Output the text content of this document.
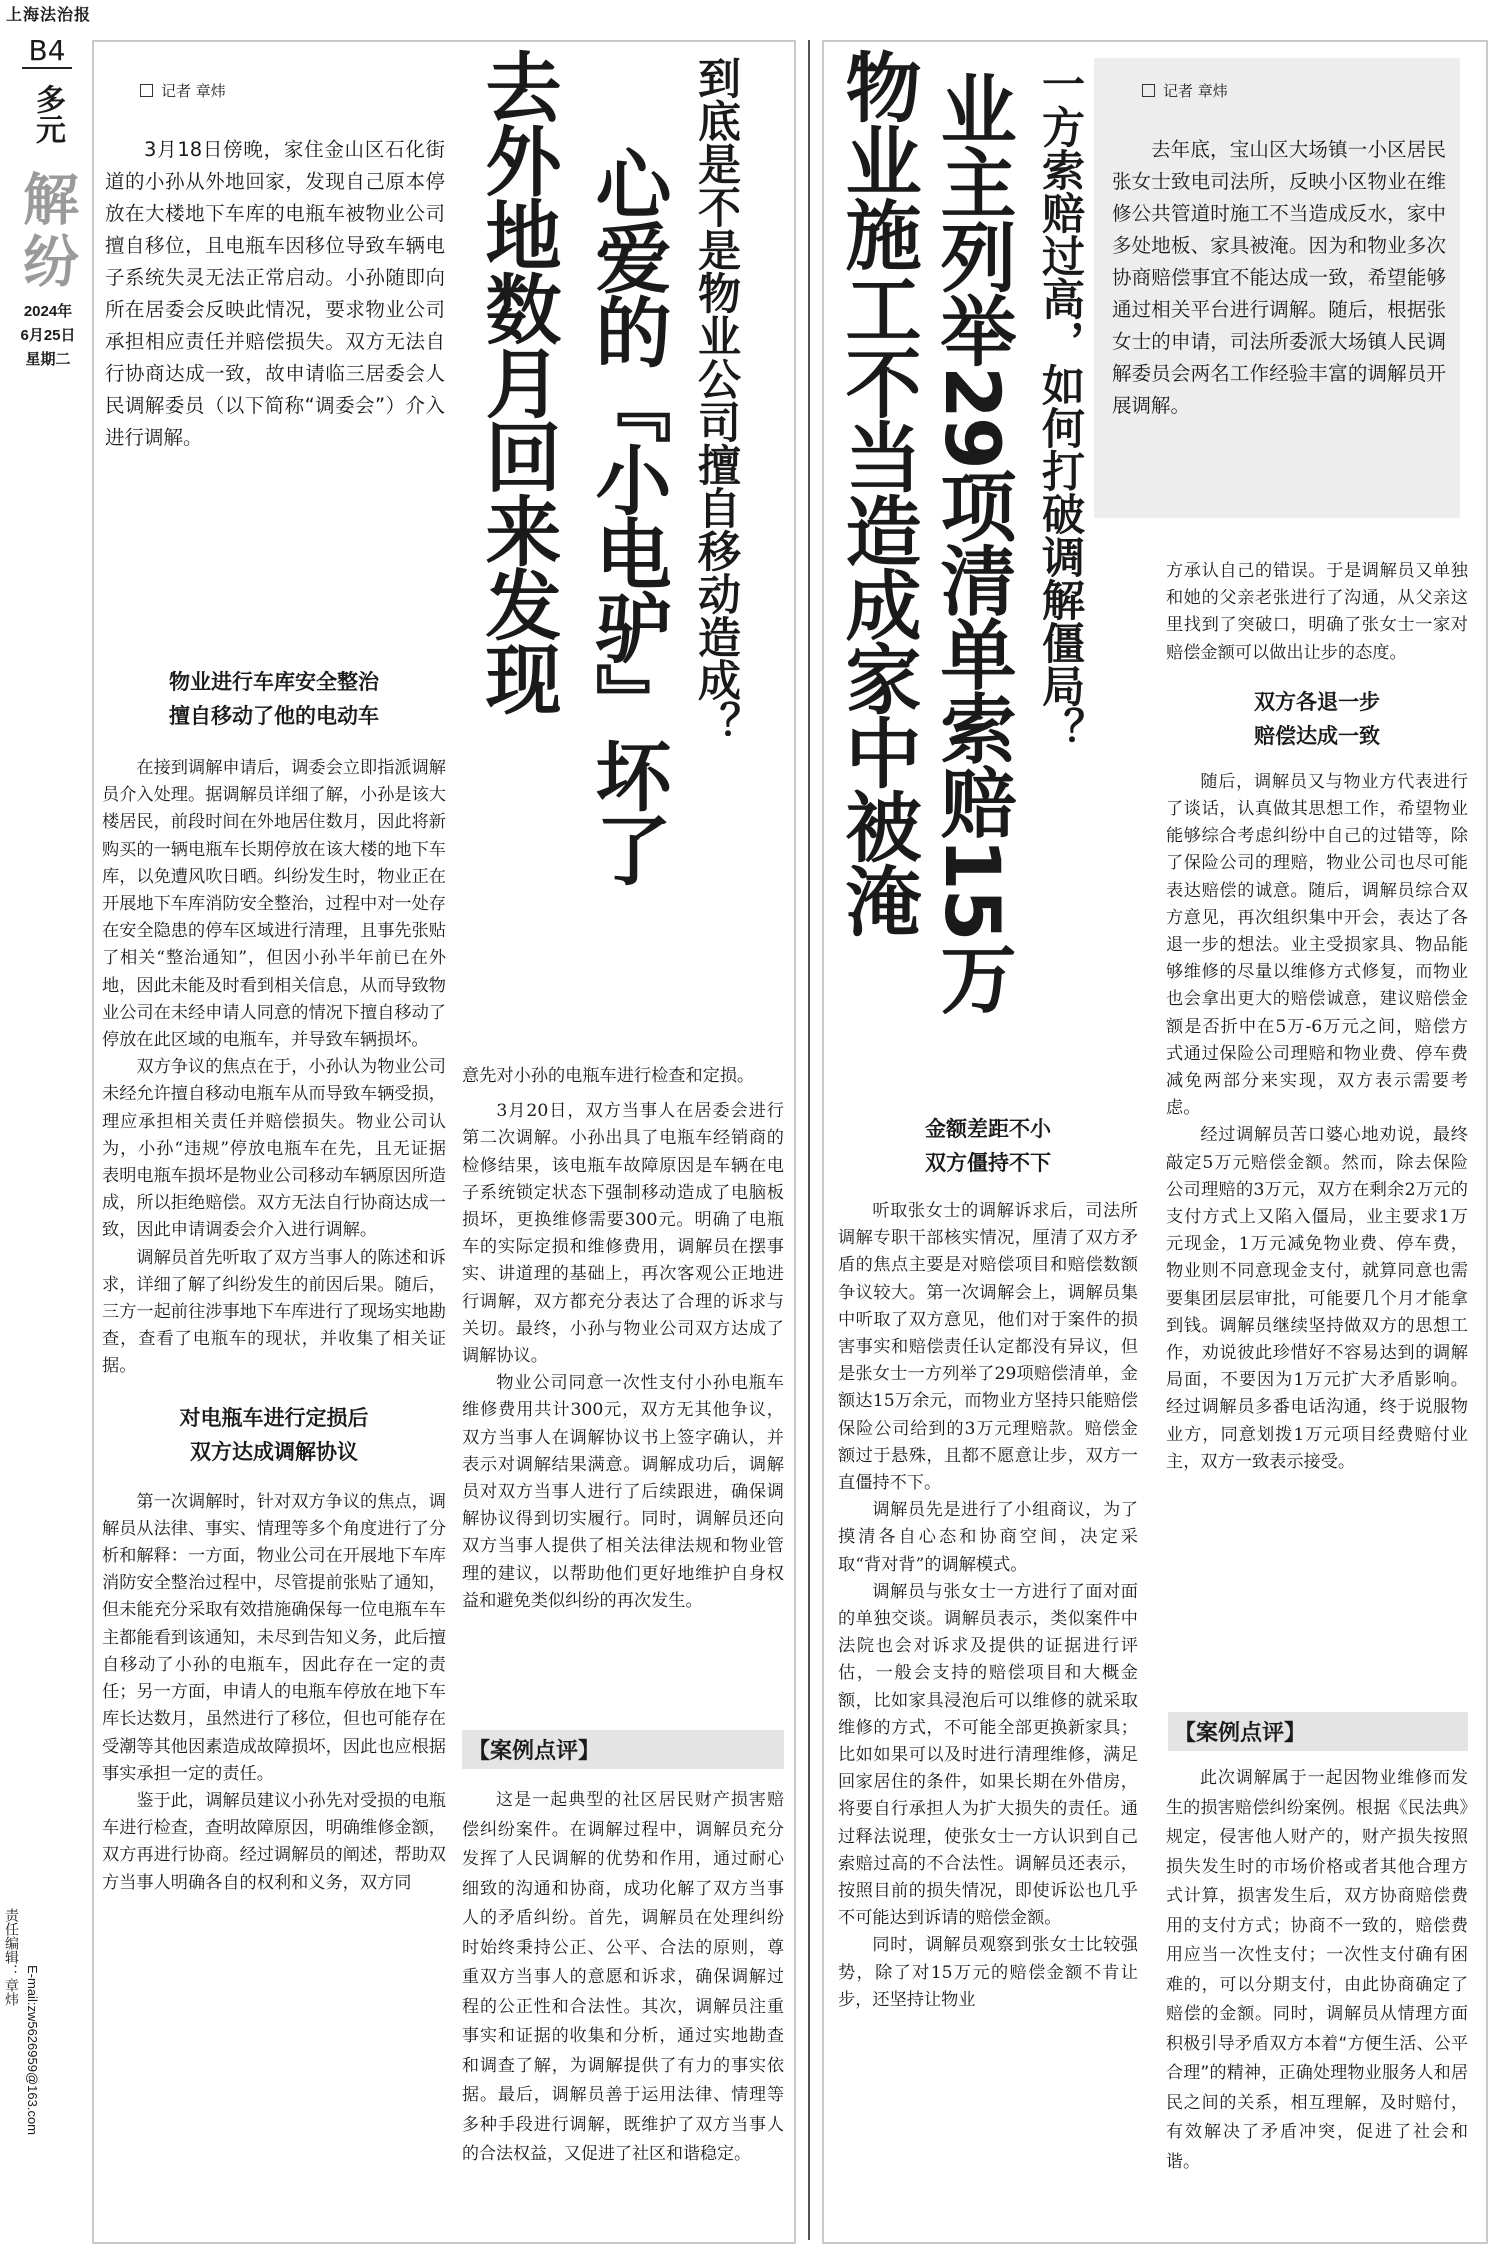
上海法治报
B4
多元
解纷
2024年
6月25日
星期二
责任编辑：章炜
E-mail:zw5626959@163.com
记者 章炜

3月18日傍晚，家住金山区石化街道的小孙从外地回家，发现自己原本停放在大楼地下车库的电瓶车被物业公司擅自移位，且电瓶车因移位导致车辆电子系统失灵无法正常启动。小孙随即向所在居委会反映此情况，要求物业公司承担相应责任并赔偿损失。双方无法自行协商达成一致，故申请临三居委会人民调解委员（以下简称“调委会”）介入进行调解。	到底是不是物业公司擅自移动造成？
心爱的『小电驴』坏了
去外地数月回来发现
物业进行车库安全整治
擅自移动了他的电动车

在接到调解申请后，调委会立即指派调解员介入处理。据调解员详细了解，小孙是该大楼居民，前段时间在外地居住数月，因此将新购买的一辆电瓶车长期停放在该大楼的地下车库，以免遭风吹日晒。纠纷发生时，物业正在开展地下车库消防安全整治，过程中对一处存在安全隐患的停车区域进行清理，且事先张贴了相关“整治通知”，但因小孙半年前已在外地，因此未能及时看到相关信息，从而导致物业公司在未经申请人同意的情况下擅自移动了停放在此区域的电瓶车，并导致车辆损坏。

双方争议的焦点在于，小孙认为物业公司未经允许擅自移动电瓶车从而导致车辆受损，理应承担相关责任并赔偿损失。物业公司认为，小孙“违规”停放电瓶车在先，且无证据表明电瓶车损坏是物业公司移动车辆原因所造成，所以拒绝赔偿。双方无法自行协商达成一致，因此申请调委会介入进行调解。

调解员首先听取了双方当事人的陈述和诉求，详细了解了纠纷发生的前因后果。随后，三方一起前往涉事地下车库进行了现场实地勘查，查看了电瓶车的现状，并收集了相关证据。

对电瓶车进行定损后
双方达成调解协议

第一次调解时，针对双方争议的焦点，调解员从法律、事实、情理等多个角度进行了分析和解释：一方面，物业公司在开展地下车库消防安全整治过程中，尽管提前张贴了通知，但未能充分采取有效措施确保每一位电瓶车车主都能看到该通知，未尽到告知义务，此后擅自移动了小孙的电瓶车，因此存在一定的责任；另一方面，申请人的电瓶车停放在地下车库长达数月，虽然进行了移位，但也可能存在受潮等其他因素造成故障损坏，因此也应根据事实承担一定的责任。

鉴于此，调解员建议小孙先对受损的电瓶车进行检查，查明故障原因，明确维修金额，双方再进行协商。经过调解员的阐述，帮助双方当事人明确各自的权利和义务，双方同

意先对小孙的电瓶车进行检查和定损。

3月20日，双方当事人在居委会进行第二次调解。小孙出具了电瓶车经销商的检修结果，该电瓶车故障原因是车辆在电子系统锁定状态下强制移动造成了电脑板损坏，更换维修需要300元。明确了电瓶车的实际定损和维修费用，调解员在摆事实、讲道理的基础上，再次客观公正地进行调解，双方都充分表达了合理的诉求与关切。最终，小孙与物业公司双方达成了调解协议。

物业公司同意一次性支付小孙电瓶车维修费用共计300元，双方无其他争议，双方当事人在调解协议书上签字确认，并表示对调解结果满意。调解成功后，调解员对双方当事人进行了后续跟进，确保调解协议得到切实履行。同时，调解员还向双方当事人提供了相关法律法规和物业管理的建议，以帮助他们更好地维护自身权益和避免类似纠纷的再次发生。

【案例点评】

这是一起典型的社区居民财产损害赔偿纠纷案件。在调解过程中，调解员充分发挥了人民调解的优势和作用，通过耐心细致的沟通和协商，成功化解了双方当事人的矛盾纠纷。首先，调解员在处理纠纷时始终秉持公正、公平、合法的原则，尊重双方当事人的意愿和诉求，确保调解过程的公正性和合法性。其次，调解员注重事实和证据的收集和分析，通过实地勘查和调查了解，为调解提供了有力的事实依据。最后，调解员善于运用法律、情理等多种手段进行调解，既维护了双方当事人的合法权益，又促进了社区和谐稳定。

记者 章炜

去年底，宝山区大场镇一小区居民张女士致电司法所，反映小区物业在维修公共管道时施工不当造成反水，家中多处地板、家具被淹。因为和物业多次协商赔偿事宜不能达成一致，希望能够通过相关平台进行调解。随后，根据张女士的申请，司法所委派大场镇人民调解委员会两名工作经验丰富的调解员开展调解。

一方索赔过高，如何打破调解僵局？
业主列举29项清单索赔15万
物业施工不当造成家中被淹
金额差距不小
双方僵持不下

听取张女士的调解诉求后，司法所调解专职干部核实情况，厘清了双方矛盾的焦点主要是对赔偿项目和赔偿数额争议较大。第一次调解会上，调解员集中听取了双方意见，他们对于案件的损害事实和赔偿责任认定都没有异议，但是张女士一方列举了29项赔偿清单，金额达15万余元，而物业方坚持只能赔偿保险公司给到的3万元理赔款。赔偿金额过于悬殊，且都不愿意让步，双方一直僵持不下。

调解员先是进行了小组商议，为了摸清各自心态和协商空间，决定采取“背对背”的调解模式。

调解员与张女士一方进行了面对面的单独交谈。调解员表示，类似案件中法院也会对诉求及提供的证据进行评估，一般会支持的赔偿项目和大概金额，比如家具浸泡后可以维修的就采取维修的方式，不可能全部更换新家具；比如如果可以及时进行清理维修，满足回家居住的条件，如果长期在外借房，将要自行承担人为扩大损失的责任。通过释法说理，使张女士一方认识到自己索赔过高的不合法性。调解员还表示，按照目前的损失情况，即使诉讼也几乎不可能达到诉请的赔偿金额。

同时，调解员观察到张女士比较强势，除了对15万元的赔偿金额不肯让步，还坚持让物业

方承认自己的错误。于是调解员又单独和她的父亲老张进行了沟通，从父亲这里找到了突破口，明确了张女士一家对赔偿金额可以做出让步的态度。

双方各退一步
赔偿达成一致

随后，调解员又与物业方代表进行了谈话，认真做其思想工作，希望物业能够综合考虑纠纷中自己的过错等，除了保险公司的理赔，物业公司也尽可能表达赔偿的诚意。随后，调解员综合双方意见，再次组织集中开会，表达了各退一步的想法。业主受损家具、物品能够维修的尽量以维修方式修复，而物业也会拿出更大的赔偿诚意，建议赔偿金额是否折中在5万-6万元之间，赔偿方式通过保险公司理赔和物业费、停车费减免两部分来实现，双方表示需要考虑。

经过调解员苦口婆心地劝说，最终敲定5万元赔偿金额。然而，除去保险公司理赔的3万元，双方在剩余2万元的支付方式上又陷入僵局，业主要求1万元现金，1万元减免物业费、停车费，物业则不同意现金支付，就算同意也需要集团层层审批，可能要几个月才能拿到钱。调解员继续坚持做双方的思想工作，劝说彼此珍惜好不容易达到的调解局面，不要因为1万元扩大矛盾影响。经过调解员多番电话沟通，终于说服物业方，同意划拨1万元项目经费赔付业主，双方一致表示接受。

【案例点评】

此次调解属于一起因物业维修而发生的损害赔偿纠纷案例。根据《民法典》规定，侵害他人财产的，财产损失按照损失发生时的市场价格或者其他合理方式计算，损害发生后，双方协商赔偿费用的支付方式；协商不一致的，赔偿费用应当一次性支付；一次性支付确有困难的，可以分期支付，由此协商确定了赔偿的金额。同时，调解员从情理方面积极引导矛盾双方本着“方便生活、公平合理”的精神，正确处理物业服务人和居民之间的关系，相互理解，及时赔付，有效解决了矛盾冲突，促进了社会和谐。
